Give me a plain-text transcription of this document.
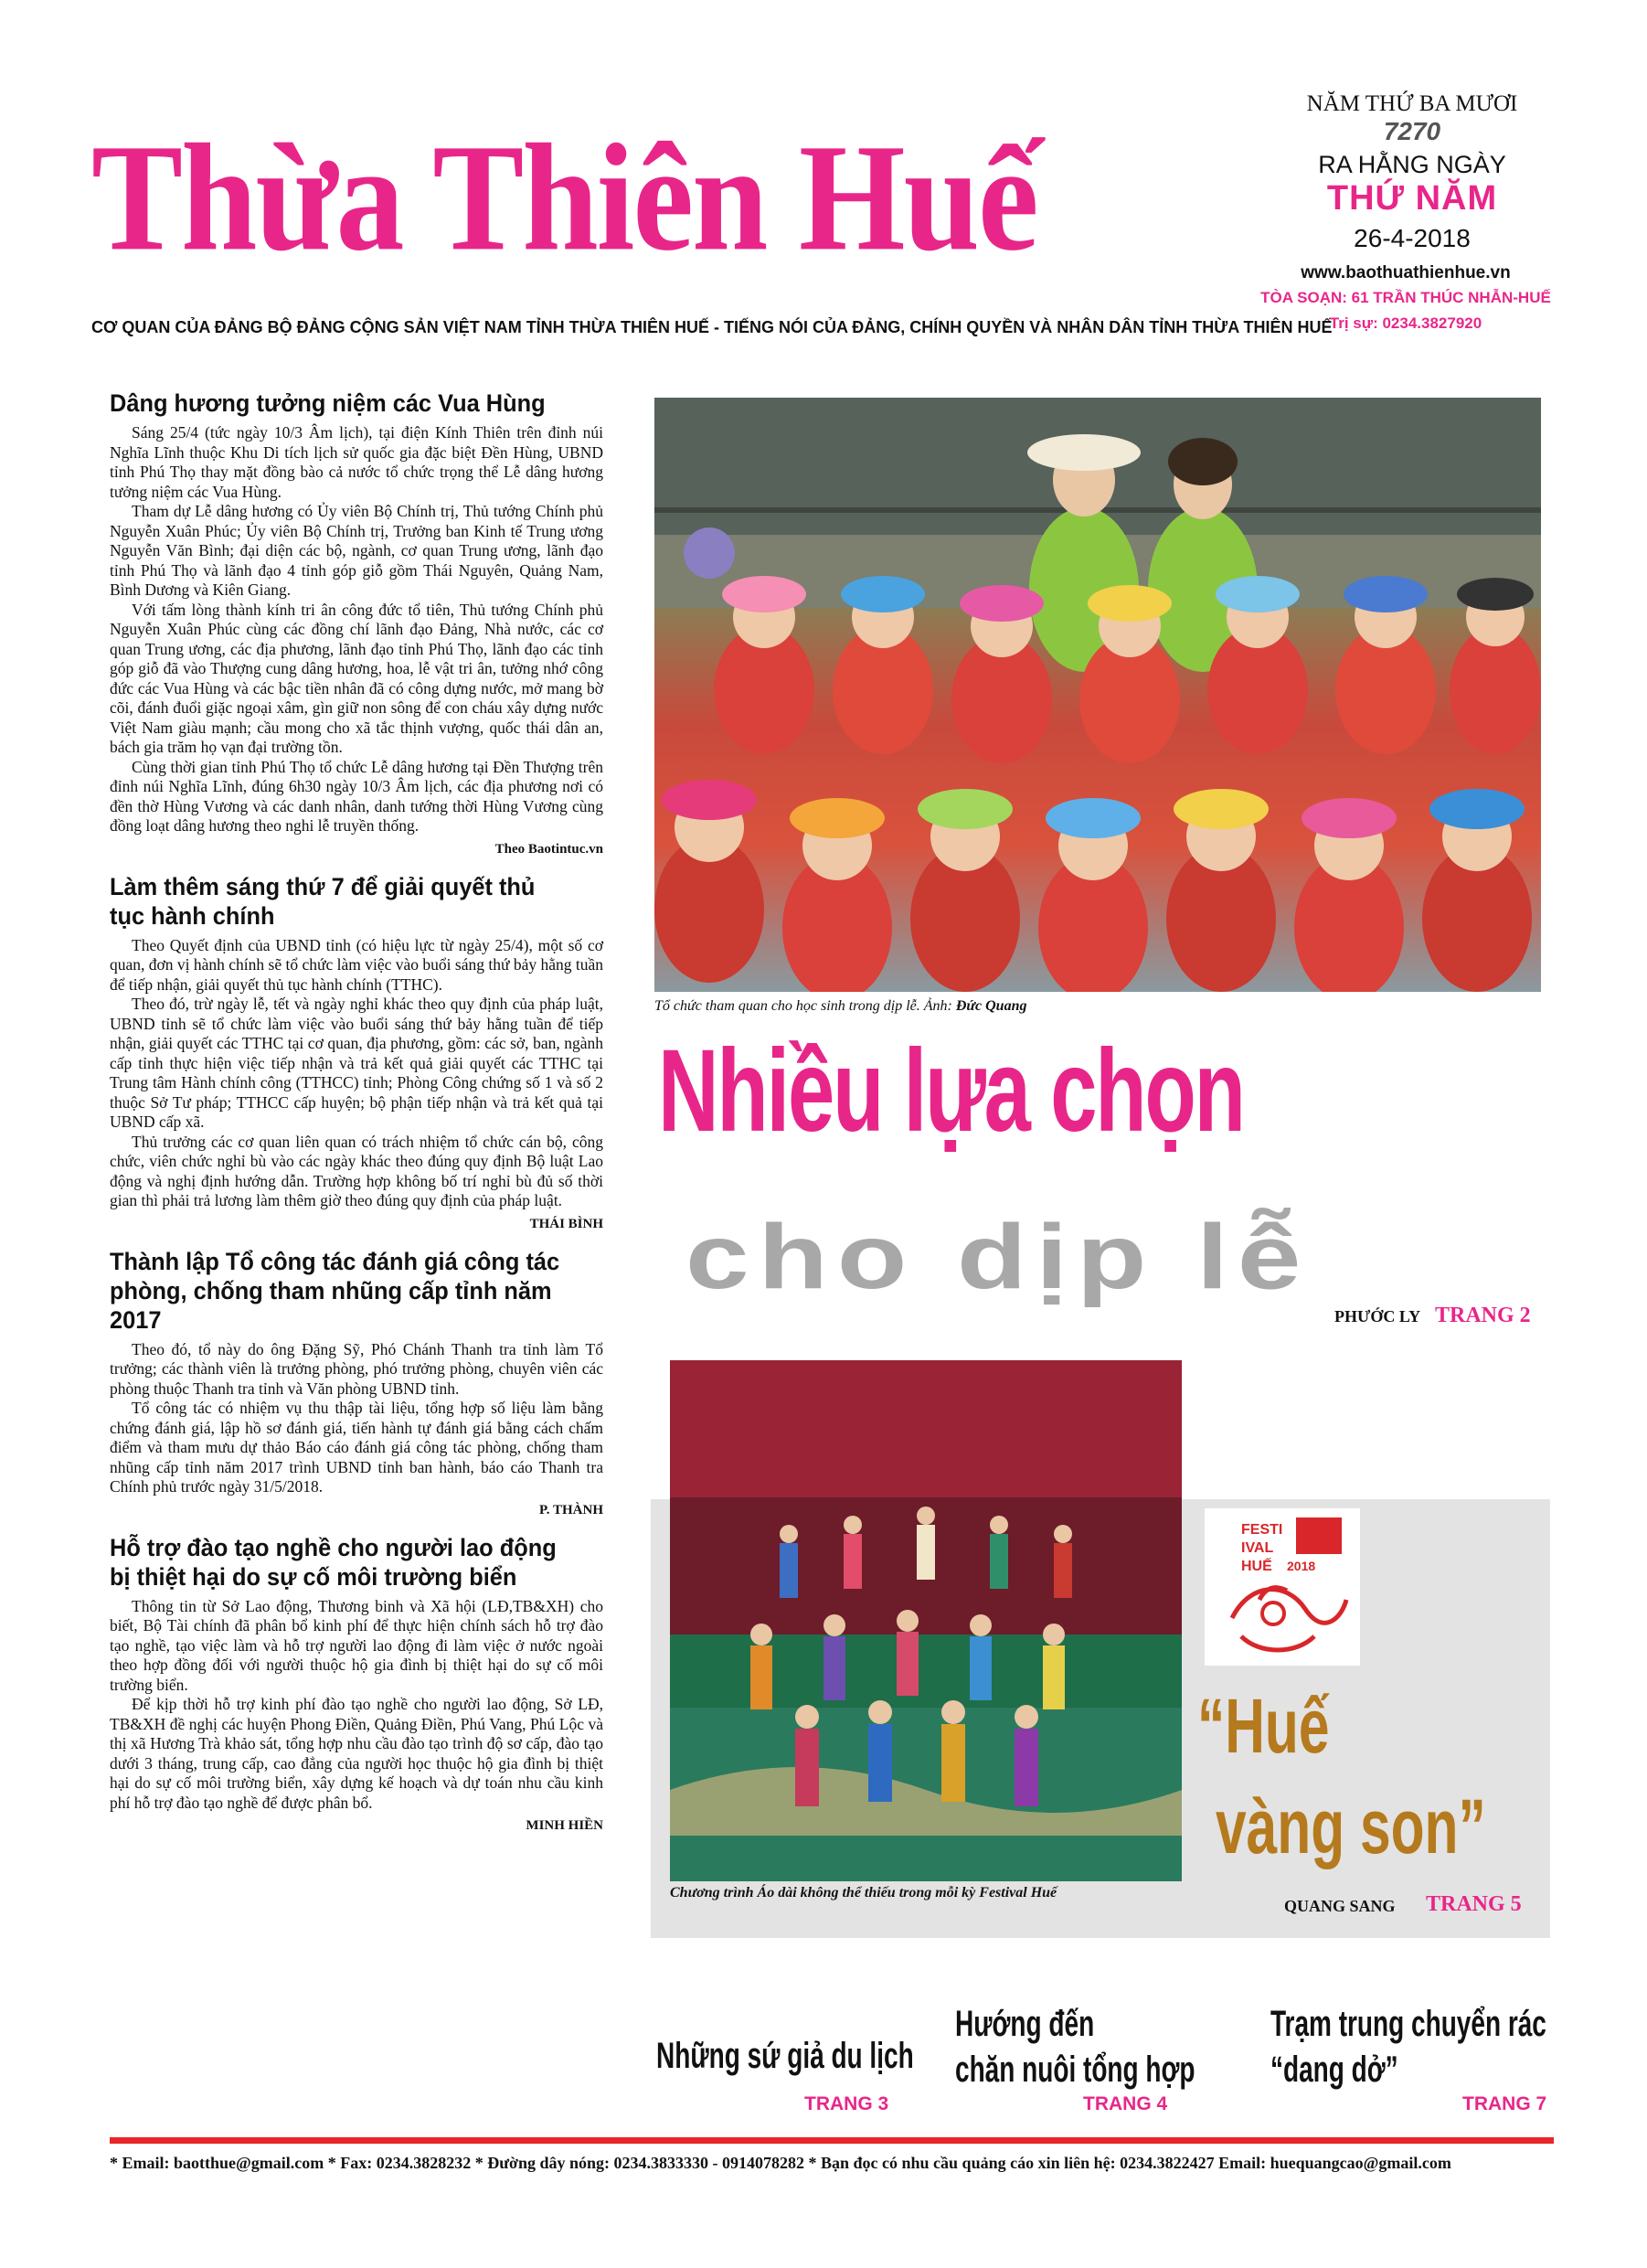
Thừa Thiên Huế
CƠ QUAN CỦA ĐẢNG BỘ ĐẢNG CỘNG SẢN VIỆT NAM TỈNH THỪA THIÊN HUẾ - TIẾNG NÓI CỦA ĐẢNG, CHÍNH QUYỀN VÀ NHÂN DÂN TỈNH THỪA THIÊN HUẾ
NĂM THỨ BA MƯƠI
7270
RA HẰNG NGÀY
THỨ NĂM
26-4-2018
www.baothuathienhue.vn
TÒA SOẠN: 61 TRẦN THÚC NHẪN-HUẾ
Trị sự: 0234.3827920
Dâng hương tưởng niệm các Vua Hùng

Sáng 25/4 (tức ngày 10/3 Âm lịch), tại điện Kính Thiên trên đỉnh núi Nghĩa Lĩnh thuộc Khu Di tích lịch sử quốc gia đặc biệt Đền Hùng, UBND tỉnh Phú Thọ thay mặt đồng bào cả nước tổ chức trọng thể Lễ dâng hương tưởng niệm các Vua Hùng.

Tham dự Lễ dâng hương có Ủy viên Bộ Chính trị, Thủ tướng Chính phủ Nguyễn Xuân Phúc; Ủy viên Bộ Chính trị, Trưởng ban Kinh tế Trung ương Nguyễn Văn Bình; đại diện các bộ, ngành, cơ quan Trung ương, lãnh đạo tỉnh Phú Thọ và lãnh đạo 4 tỉnh góp giỗ gồm Thái Nguyên, Quảng Nam, Bình Dương và Kiên Giang.

Với tấm lòng thành kính tri ân công đức tổ tiên, Thủ tướng Chính phủ Nguyễn Xuân Phúc cùng các đồng chí lãnh đạo Đảng, Nhà nước, các cơ quan Trung ương, các địa phương, lãnh đạo tỉnh Phú Thọ, lãnh đạo các tỉnh góp giỗ đã vào Thượng cung dâng hương, hoa, lễ vật tri ân, tưởng nhớ công đức các Vua Hùng và các bậc tiền nhân đã có công dựng nước, mở mang bờ cõi, đánh đuổi giặc ngoại xâm, gìn giữ non sông để con cháu xây dựng nước Việt Nam giàu mạnh; cầu mong cho xã tắc thịnh vượng, quốc thái dân an, bách gia trăm họ vạn đại trường tồn.

Cùng thời gian tỉnh Phú Thọ tổ chức Lễ dâng hương tại Đền Thượng trên đỉnh núi Nghĩa Lĩnh, đúng 6h30 ngày 10/3 Âm lịch, các địa phương nơi có đền thờ Hùng Vương và các danh nhân, danh tướng thời Hùng Vương cùng đồng loạt dâng hương theo nghi lễ truyền thống.

Theo Baotintuc.vn
Làm thêm sáng thứ 7 để giải quyết thủ tục hành chính

Theo Quyết định của UBND tỉnh (có hiệu lực từ ngày 25/4), một số cơ quan, đơn vị hành chính sẽ tổ chức làm việc vào buổi sáng thứ bảy hằng tuần để tiếp nhận, giải quyết thủ tục hành chính (TTHC).

Theo đó, trừ ngày lễ, tết và ngày nghỉ khác theo quy định của pháp luật, UBND tỉnh sẽ tổ chức làm việc vào buổi sáng thứ bảy hằng tuần để tiếp nhận, giải quyết các TTHC tại cơ quan, địa phương, gồm: các sở, ban, ngành cấp tỉnh thực hiện việc tiếp nhận và trả kết quả giải quyết các TTHC tại Trung tâm Hành chính công (TTHCC) tỉnh; Phòng Công chứng số 1 và số 2 thuộc Sở Tư pháp; TTHCC cấp huyện; bộ phận tiếp nhận và trả kết quả tại UBND cấp xã.

Thủ trưởng các cơ quan liên quan có trách nhiệm tổ chức cán bộ, công chức, viên chức nghỉ bù vào các ngày khác theo đúng quy định Bộ luật Lao động và nghị định hướng dẫn. Trường hợp không bố trí nghỉ bù đủ số thời gian thì phải trả lương làm thêm giờ theo đúng quy định của pháp luật.

THÁI BÌNH
Thành lập Tổ công tác đánh giá công tác phòng, chống tham nhũng cấp tỉnh năm 2017

Theo đó, tổ này do ông Đặng Sỹ, Phó Chánh Thanh tra tỉnh làm Tổ trưởng; các thành viên là trưởng phòng, phó trưởng phòng, chuyên viên các phòng thuộc Thanh tra tỉnh và Văn phòng UBND tỉnh.

Tổ công tác có nhiệm vụ thu thập tài liệu, tổng hợp số liệu làm bằng chứng đánh giá, lập hồ sơ đánh giá, tiến hành tự đánh giá bằng cách chấm điểm và tham mưu dự thảo Báo cáo đánh giá công tác phòng, chống tham nhũng cấp tỉnh năm 2017 trình UBND tỉnh ban hành, báo cáo Thanh tra Chính phủ trước ngày 31/5/2018.

P. THÀNH
Hỗ trợ đào tạo nghề cho người lao động bị thiệt hại do sự cố môi trường biển

Thông tin từ Sở Lao động, Thương binh và Xã hội (LĐ,TB&XH) cho biết, Bộ Tài chính đã phân bổ kinh phí để thực hiện chính sách hỗ trợ đào tạo nghề, tạo việc làm và hỗ trợ người lao động đi làm việc ở nước ngoài theo hợp đồng đối với người thuộc hộ gia đình bị thiệt hại do sự cố môi trường biển.

Để kịp thời hỗ trợ kinh phí đào tạo nghề cho người lao động, Sở LĐ, TB&XH đề nghị các huyện Phong Điền, Quảng Điền, Phú Vang, Phú Lộc và thị xã Hương Trà khảo sát, tổng hợp nhu cầu đào tạo trình độ sơ cấp, đào tạo dưới 3 tháng, trung cấp, cao đẳng của người học thuộc hộ gia đình bị thiệt hại do sự cố môi trường biển, xây dựng kế hoạch và dự toán nhu cầu kinh phí hỗ trợ đào tạo nghề để được phân bổ.

MINH HIỀN
Tổ chức tham quan cho học sinh trong dịp lễ. Ảnh: Đức Quang
Nhiều lựa chọn
cho dịp lễ
PHƯỚC LY TRANG 2
Chương trình Áo dài không thể thiếu trong mỗi kỳ Festival Huế
FESTI
IVAL
HUẾ 2018
“Huế
vàng son”
QUANG SANG TRANG 5
Những sứ giả du lịch
TRANG 3
Hướng đến
chăn nuôi tổng hợp
TRANG 4
Trạm trung chuyển rác
“dang dở”
TRANG 7
* Email: baotthue@gmail.com * Fax: 0234.3828232 * Đường dây nóng: 0234.3833330 - 0914078282 * Bạn đọc có nhu cầu quảng cáo xin liên hệ: 0234.3822427 Email: huequangcao@gmail.com
